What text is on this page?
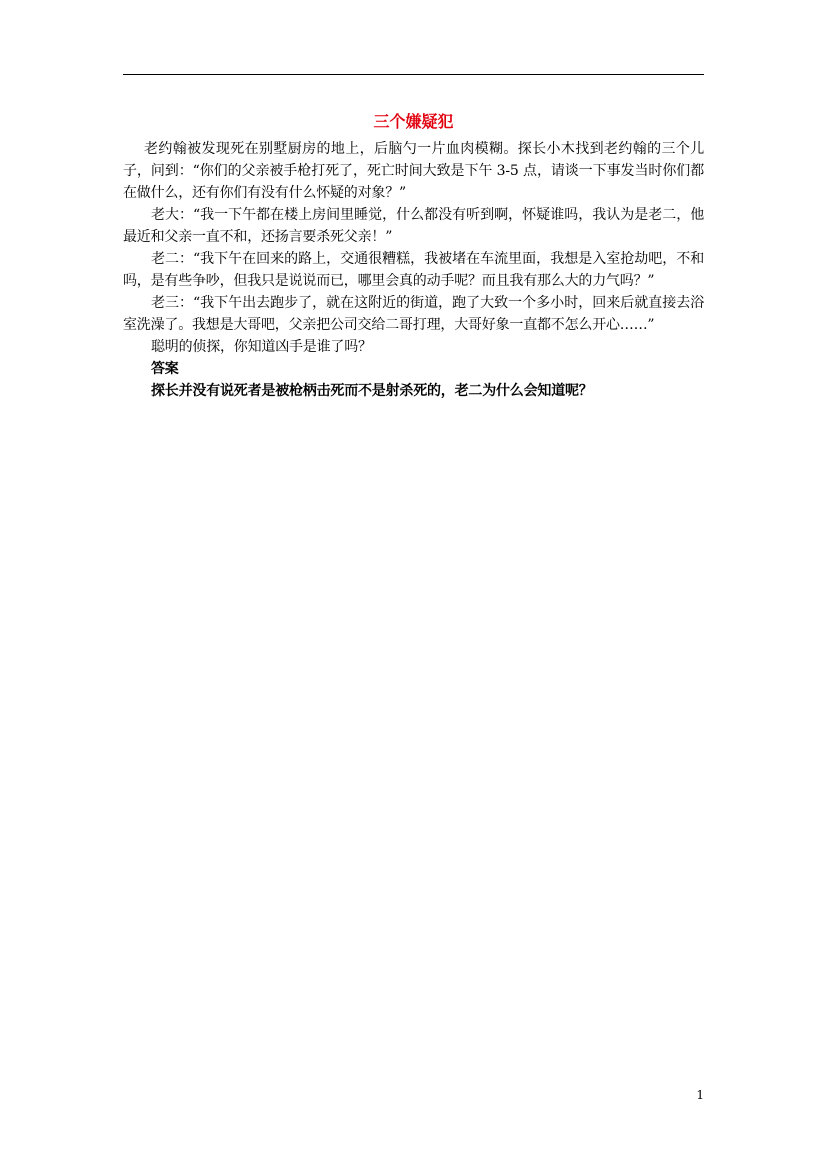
三个嫌疑犯

老约翰被发现死在别墅厨房的地上，后脑勺一片血肉模糊。探长小木找到老约翰的三个儿子，问到：“你们的父亲被手枪打死了，死亡时间大致是下午 3-5 点，请谈一下事发当时你们都在做什么，还有你们有没有什么怀疑的对象？”

老大：“我一下午都在楼上房间里睡觉，什么都没有听到啊，怀疑谁吗，我认为是老二，他最近和父亲一直不和，还扬言要杀死父亲！”

老二：“我下午在回来的路上，交通很糟糕，我被堵在车流里面，我想是入室抢劫吧，不和吗，是有些争吵，但我只是说说而已，哪里会真的动手呢？而且我有那么大的力气吗？”

老三：“我下午出去跑步了，就在这附近的街道，跑了大致一个多小时，回来后就直接去浴室洗澡了。我想是大哥吧，父亲把公司交给二哥打理，大哥好象一直都不怎么开心……”

聪明的侦探，你知道凶手是谁了吗？

答案

探长并没有说死者是被枪柄击死而不是射杀死的，老二为什么会知道呢？

1
